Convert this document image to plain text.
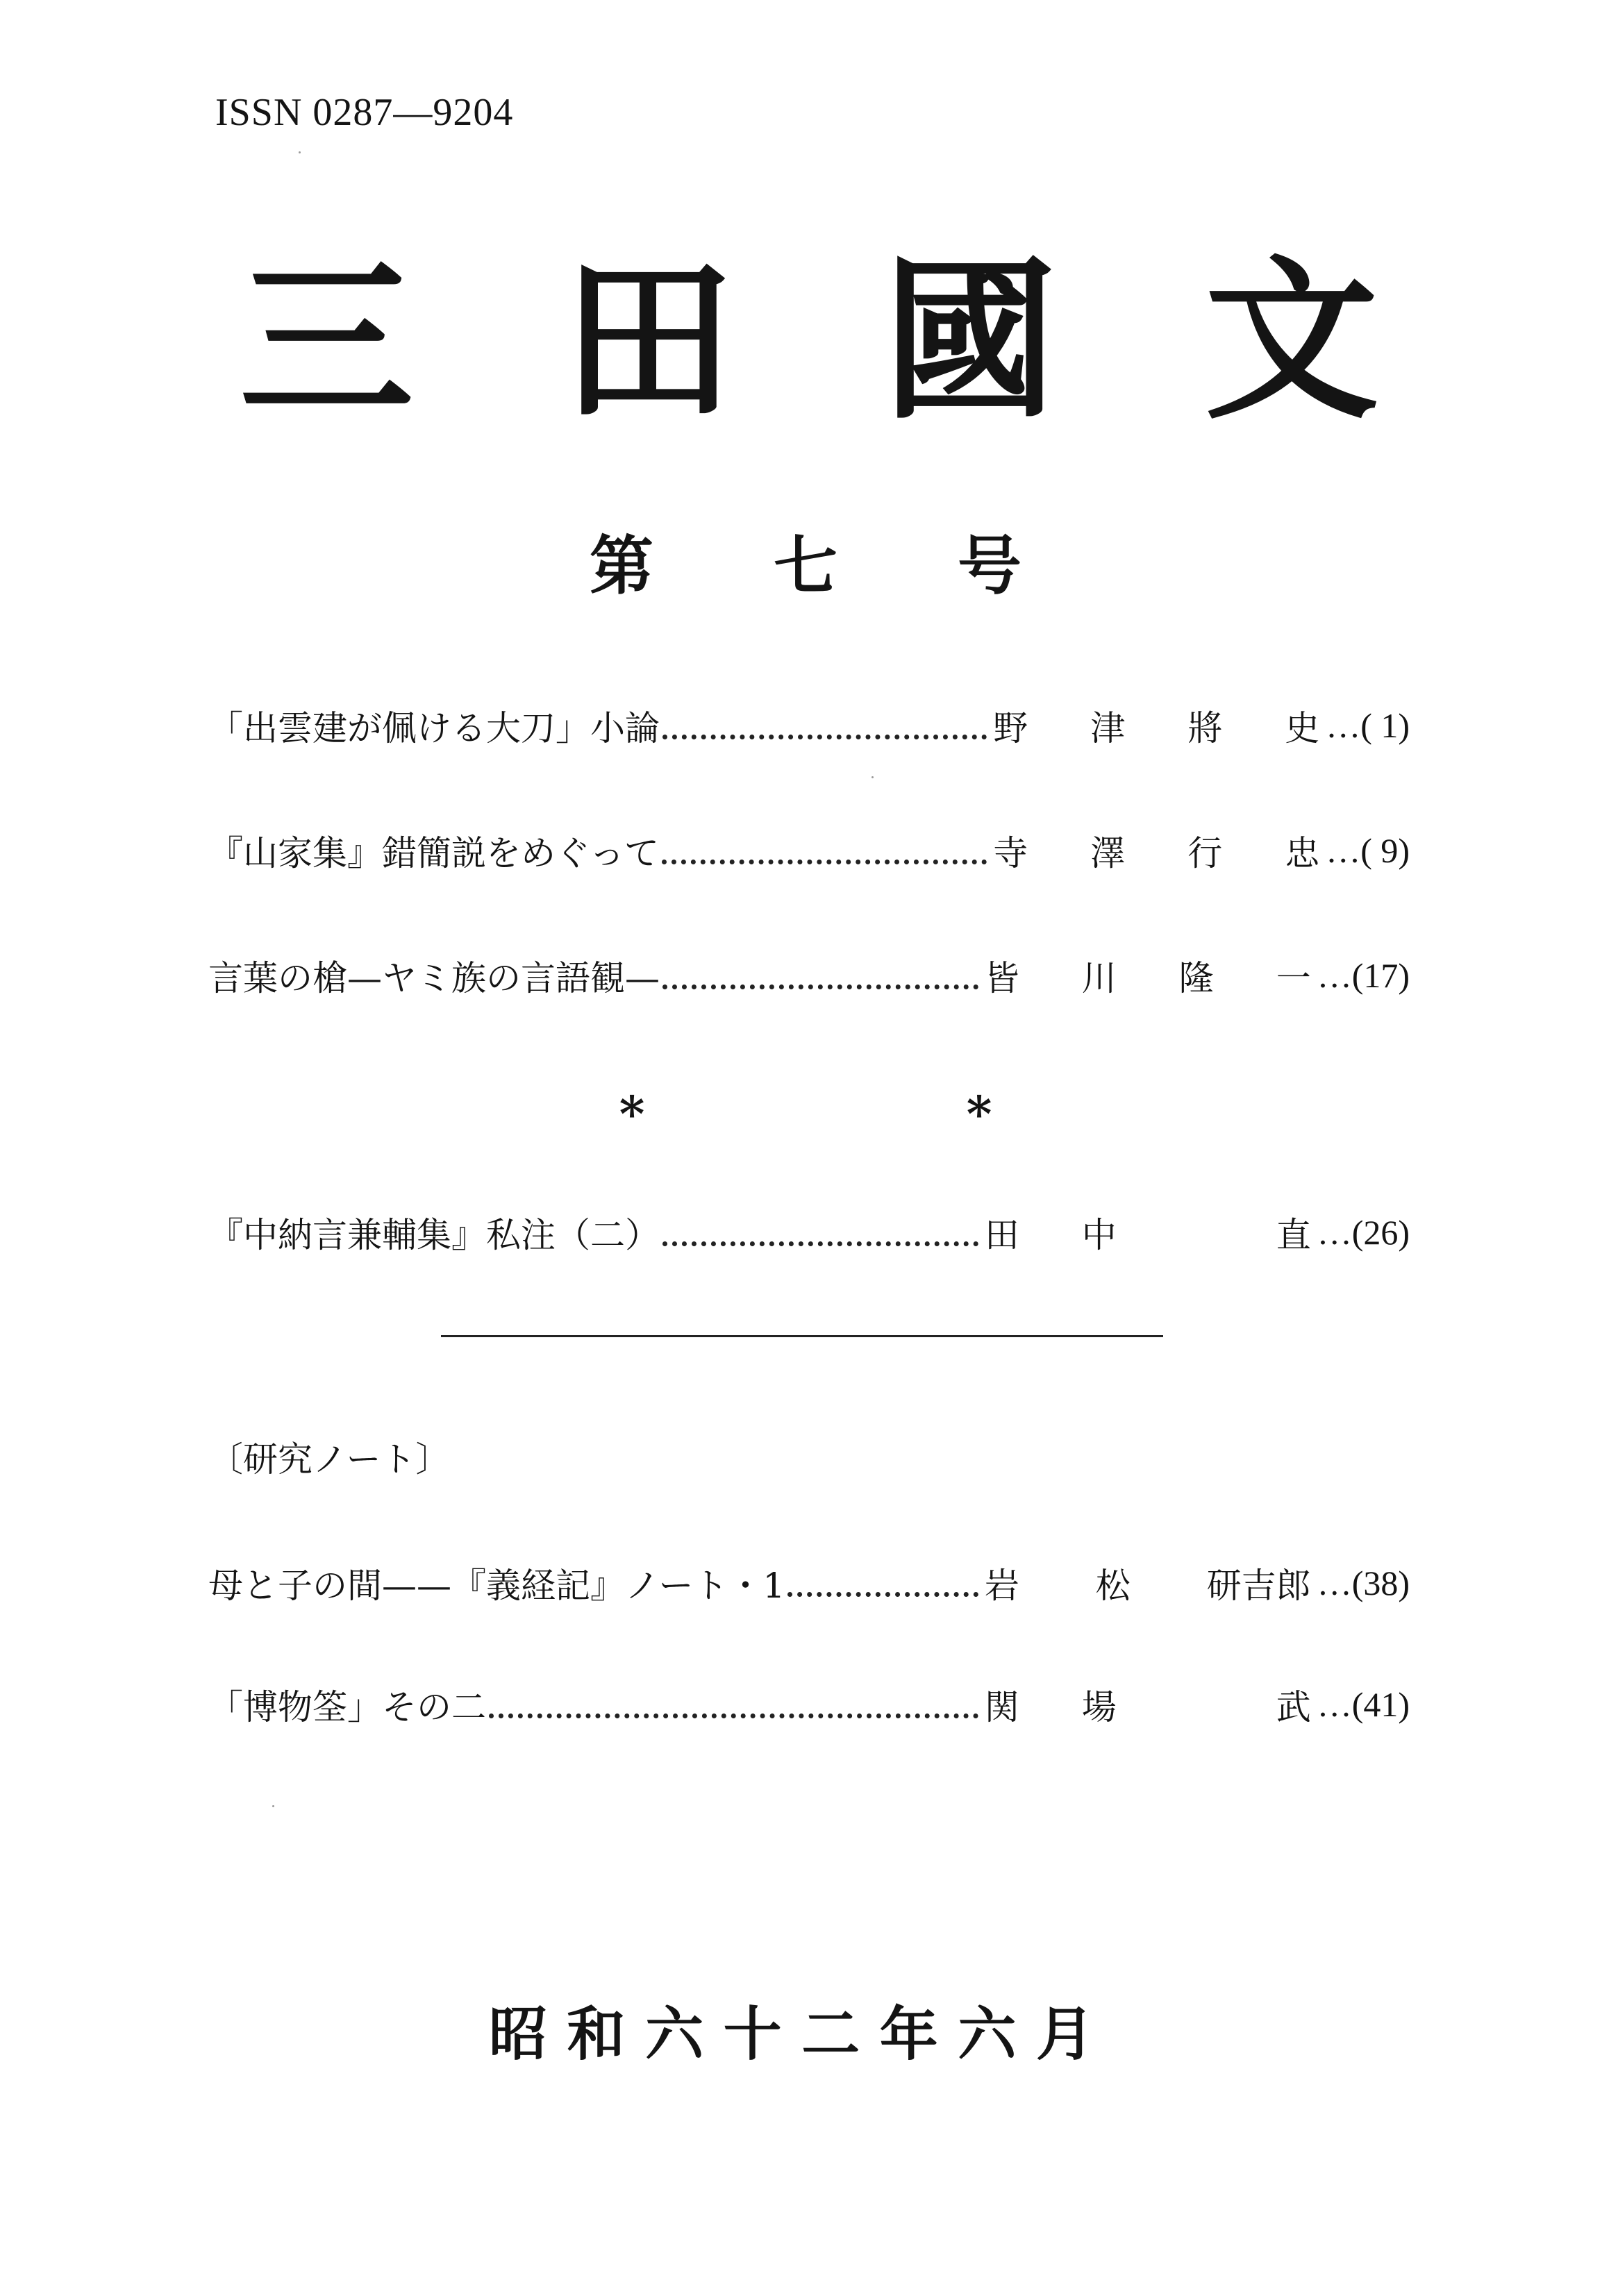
ISSN 0287—9204
三 田 國 文
第 七 号
「出雲建が佩ける大刀」小論	野 津 將 史 …( 1)
『山家集』錯簡説をめぐって	寺 澤 行 忠 …( 9)
言葉の槍—ヤミ族の言語観—	皆 川 隆 一 …(17)
*	*
『中納言兼輔集』私注（二）	田 中	直 …(26)
〔研究ノート〕
母と子の間——『義経記』ノート・1	岩 松 研吉郎 …(38)
「博物筌」その二	関 場	武 …(41)
昭 和 六 十 二 年 六 月
